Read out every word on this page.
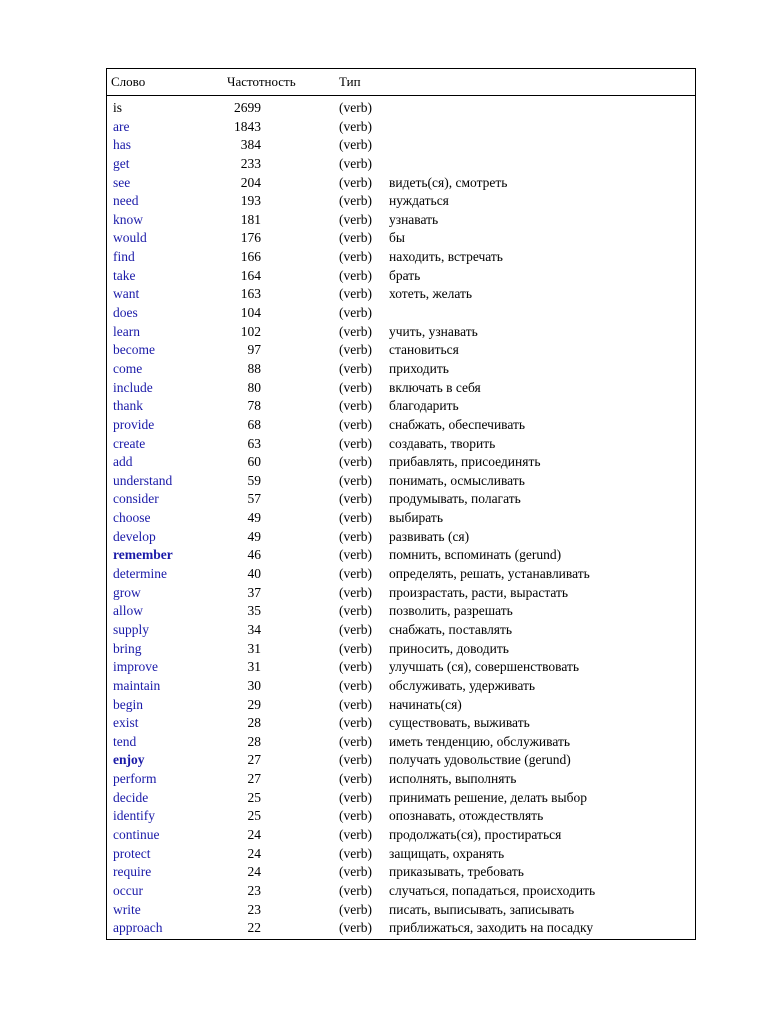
Слово	Частотность	Тип
is	2699	(verb)
are	1843	(verb)
has	384	(verb)
get	233	(verb)
see	204	(verb) видеть(ся), смотреть
need	193	(verb) нуждаться
know	181	(verb) узнавать
would	176	(verb) бы
find	166	(verb) находить, встречать
take	164	(verb) брать
want	163	(verb) хотеть, желать
does	104	(verb)
learn	102	(verb) учить, узнавать
become	97	(verb) становиться
come	88	(verb) приходить
include	80	(verb) включать в себя
thank	78	(verb) благодарить
provide	68	(verb) снабжать, обеспечивать
create	63	(verb) создавать, творить
add	60	(verb) прибавлять, присоединять
understand	59	(verb) понимать, осмысливать
consider	57	(verb) продумывать, полагать
choose	49	(verb) выбирать
develop	49	(verb) развивать (ся)
remember	46	(verb) помнить, вспоминать (gerund)
determine	40	(verb) определять, решать, устанавливать
grow	37	(verb) произрастать, расти, вырастать
allow	35	(verb) позволить, разрешать
supply	34	(verb) снабжать, поставлять
bring	31	(verb) приносить, доводить
improve	31	(verb) улучшать (ся), совершенствовать
maintain	30	(verb) обслуживать, удерживать
begin	29	(verb) начинать(ся)
exist	28	(verb) существовать, выживать
tend	28	(verb) иметь тенденцию, обслуживать
enjoy	27	(verb) получать удовольствие (gerund)
perform	27	(verb) исполнять, выполнять
decide	25	(verb) принимать решение, делать выбор
identify	25	(verb) опознавать, отождествлять
continue	24	(verb) продолжать(ся), простираться
protect	24	(verb) защищать, охранять
require	24	(verb) приказывать, требовать
occur	23	(verb) случаться, попадаться, происходить
write	23	(verb) писать, выписывать, записывать
approach	22	(verb) приближаться, заходить на посадку
